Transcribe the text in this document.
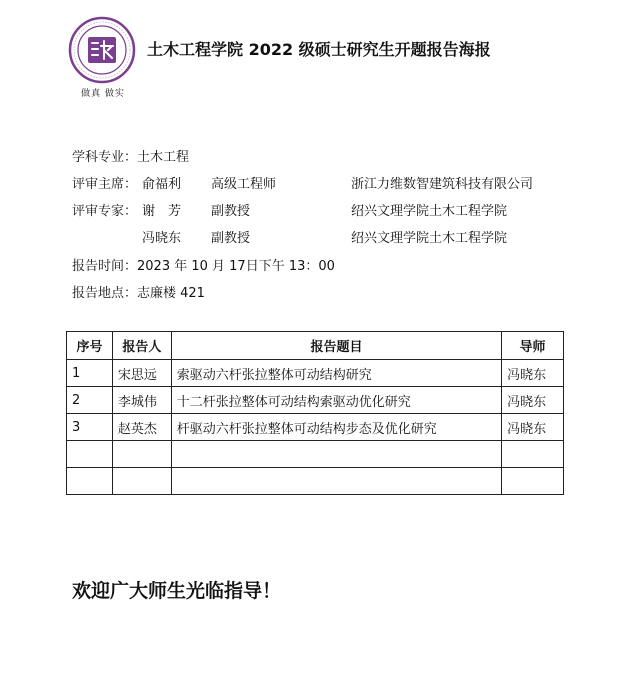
做真 做实
土木工程学院 2022 级硕士研究生开题报告海报
学科专业：土木工程
评审主席： 俞福利 高级工程师	浙江力维数智建筑科技有限公司
评审专家： 谢　芳 副教授	绍兴文理学院土木工程学院
冯晓东 副教授	绍兴文理学院土木工程学院
报告时间：2023 年 10 月 17日下午 13：00
报告地点：志廉楼 421
序号	报告人	报告题目	导师
1	宋思远	索驱动六杆张拉整体可动结构研究	冯晓东
2	李城伟	十二杆张拉整体可动结构索驱动优化研究	冯晓东
3	赵英杰	杆驱动六杆张拉整体可动结构步态及优化研究	冯晓东

欢迎广大师生光临指导！
